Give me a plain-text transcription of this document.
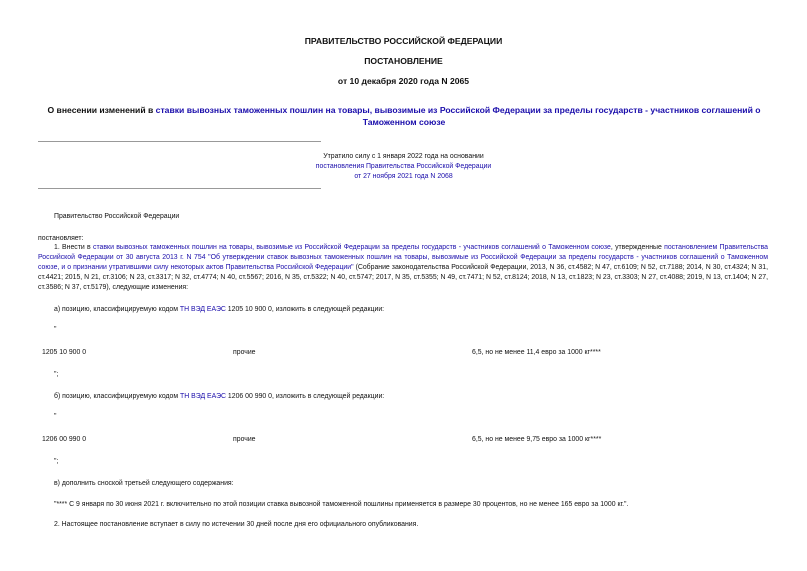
ПРАВИТЕЛЬСТВО РОССИЙСКОЙ ФЕДЕРАЦИИ
ПОСТАНОВЛЕНИЕ
от 10 декабря 2020 года N 2065
О внесении изменений в ставки вывозных таможенных пошлин на товары, вывозимые из Российской Федерации за пределы государств - участников соглашений о Таможенном союзе
Утратило силу с 1 января 2022 года на основании
постановления Правительства Российской Федерации
от 27 ноября 2021 года N 2068
Правительство Российской Федерации
постановляет:
1. Внести в ставки вывозных таможенных пошлин на товары, вывозимые из Российской Федерации за пределы государств - участников соглашений о Таможенном союзе, утвержденные постановлением Правительства Российской Федерации от 30 августа 2013 г. N 754 "Об утверждении ставок вывозных таможенных пошлин на товары, вывозимые из Российской Федерации за пределы государств - участников соглашений о Таможенном союзе, и о признании утратившими силу некоторых актов Правительства Российской Федерации" (Собрание законодательства Российской Федерации, 2013, N 36, ст.4582; N 47, ст.6109; N 52, ст.7188; 2014, N 30, ст.4324; N 31, ст.4421; 2015, N 21, ст.3106; N 23, ст.3317; N 32, ст.4774; N 40, ст.5567; 2016, N 35, ст.5322; N 40, ст.5747; 2017, N 35, ст.5355; N 49, ст.7471; N 52, ст.8124; 2018, N 13, ст.1823; N 23, ст.3303; N 27, ст.4088; 2019, N 13, ст.1404; N 27, ст.3586; N 37, ст.5179), следующие изменения:
а) позицию, классифицируемую кодом ТН ВЭД ЕАЭС 1205 10 900 0, изложить в следующей редакции:
"
1205 10 900 0	прочие	6,5, но не менее 11,4 евро за 1000 кг****
";
б) позицию, классифицируемую кодом ТН ВЭД ЕАЭС 1206 00 990 0, изложить в следующей редакции:
"
1206 00 990 0	прочие	6,5, но не менее 9,75 евро за 1000 кг****
";
в) дополнить сноской третьей следующего содержания:
"**** С 9 января по 30 июня 2021 г. включительно по этой позиции ставка вывозной таможенной пошлины применяется в размере 30 процентов, но не менее 165 евро за 1000 кг.".
2. Настоящее постановление вступает в силу по истечении 30 дней после дня его официального опубликования.
